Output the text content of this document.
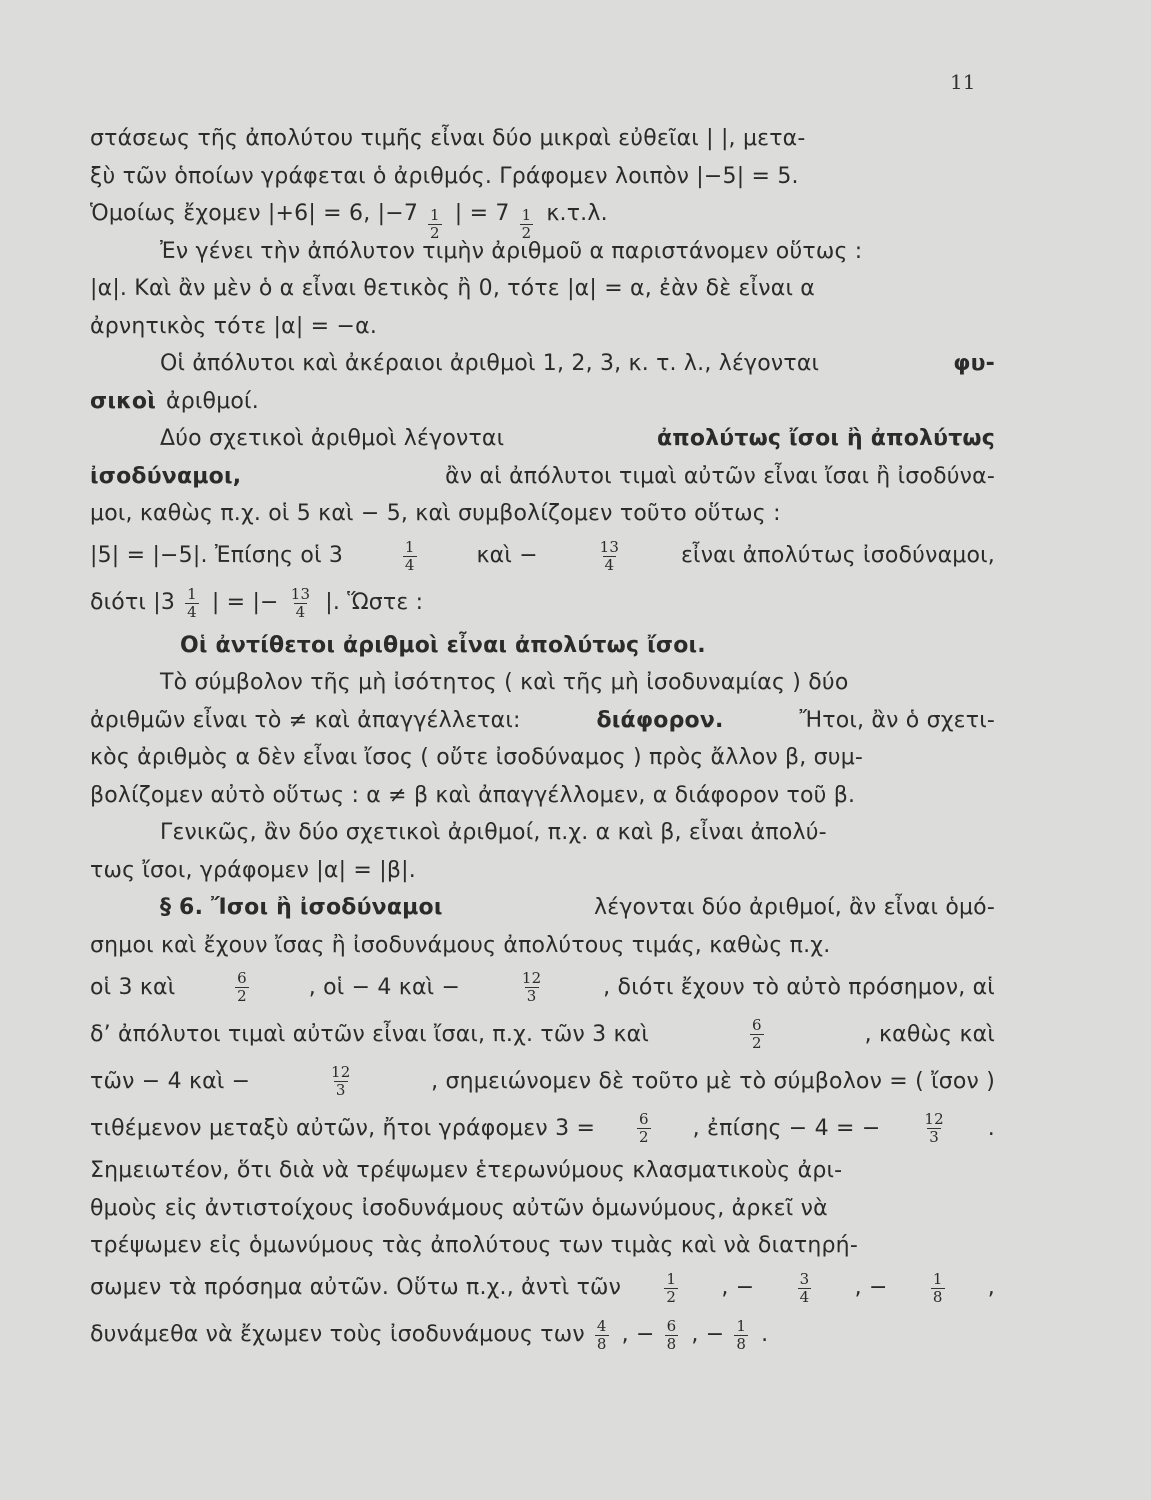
11
στάσεως τῆς ἀπολύτου τιμῆς εἶναι δύο μικραὶ εὐθεῖαι | |, μετα-
ξὺ τῶν ὁποίων γράφεται ὁ ἀριθμός. Γράφομεν λοιπὸν |−5| = 5.
Ὁμοίως ἔχομεν |+6| = 6, $|-7 \frac{1}{2}$ | = $7 \frac{1}{2} \kappa.\tau.\lambda$.
Ἐν γένει τὴν ἀπόλυτον τιμὴν ἀριθμοῦ α παριστάνομεν οὕτως :
|α|. Καὶ ἂν μὲν ὁ α εἶναι θετικὸς ἢ 0, τότε |α| = α, ἐὰν δὲ εἶναι α
ἀρνητικὸς τότε |α| = −α.
Οἱ ἀπόλυτοι καὶ ἀκέραιοι ἀριθμοὶ 1, 2, 3, κ. τ. λ., λέγονται	φυ-
σικοὶ ἀριθμοί.
Δύο σχετικοὶ ἀριθμοὶ λέγονται	ἀπολύτως ἴσοι ἢ ἀπολύτως
ἰσοδύναμοι,	ἂν αἱ ἀπόλυτοι τιμαὶ αὐτῶν εἶναι ἴσαι ἢ ἰσοδύνα-
μοι, καθὼς π.χ. οἱ 5 καὶ − 5, καὶ συμβολίζομεν τοῦτο οὕτως :
|5| = |−5|. Ἐπίσης οἱ 3	$\frac{1}{4}$	καὶ −	$\frac{13}{4}$	εἶναι ἀπολύτως ἰσοδύναμοι,
διότι $|3 \frac{1}{4}$ | = |− $\frac{13}{4}$ |. Ὥστε :
Οἱ ἀντίθετοι ἀριθμοὶ εἶναι ἀπολύτως ἴσοι.
Τὸ σύμβολον τῆς μὴ ἰσότητος ( καὶ τῆς μὴ ἰσοδυναμίας ) δύο
ἀριθμῶν εἶναι τὸ ≠ καὶ ἀπαγγέλλεται:	διάφορον.	Ἤτοι, ἂν ὁ σχετι-
κὸς ἀριθμὸς α δὲν εἶναι ἴσος ( οὔτε ἰσοδύναμος ) πρὸς ἄλλον β, συμ-
βολίζομεν αὐτὸ οὕτως : α ≠ β καὶ ἀπαγγέλλομεν, α διάφορον τοῦ β.
Γενικῶς, ἂν δύο σχετικοὶ ἀριθμοί, π.χ. α καὶ β, εἶναι ἀπολύ-
τως ἴσοι, γράφομεν |α| = |β|.
§ 6. Ἴσοι ἢ ἰσοδύναμοι	λέγονται δύο ἀριθμοί, ἂν εἶναι ὁμό-
σημοι καὶ ἔχουν ἴσας ἢ ἰσοδυνάμους ἀπολύτους τιμάς, καθὼς π.χ.
οἱ 3 καὶ	$\frac{6}{2}$	, οἱ − 4 καὶ −	$\frac{12}{3}$	, διότι ἔχουν τὸ αὐτὸ πρόσημον, αἱ
δ’ ἀπόλυτοι τιμαὶ αὐτῶν εἶναι ἴσαι, π.χ. τῶν 3 καὶ	$\frac{6}{2}$	, καθὼς καὶ
τῶν − 4 καὶ −	$\frac{12}{3}$	, σημειώνομεν δὲ τοῦτο μὲ τὸ σύμβολον = ( ἴσον )
τιθέμενον μεταξὺ αὐτῶν, ἤτοι γράφομεν 3 =	$\frac{6}{2}$ , ἐπίσης − 4 = −	$\frac{12}{3}$ .
Σημειωτέον, ὅτι διὰ νὰ τρέψωμεν ἑτερωνύμους κλασματικοὺς ἀρι-
θμοὺς εἰς ἀντιστοίχους ἰσοδυνάμους αὐτῶν ὁμωνύμους, ἀρκεῖ νὰ
τρέψωμεν εἰς ὁμωνύμους τὰς ἀπολύτους των τιμὰς καὶ νὰ διατηρή-
σωμεν τὰ πρόσημα αὐτῶν. Οὕτω π.χ., ἀντὶ τῶν	$\frac{1}{2}$ , −	$\frac{3}{4}$ , −	$\frac{1}{8}$ ,
δυνάμεθα νὰ ἔχωμεν τοὺς ἰσοδυνάμους των $\frac{4}{8}$ , − $\frac{6}{8}$ , − $\frac{1}{8}$ .
